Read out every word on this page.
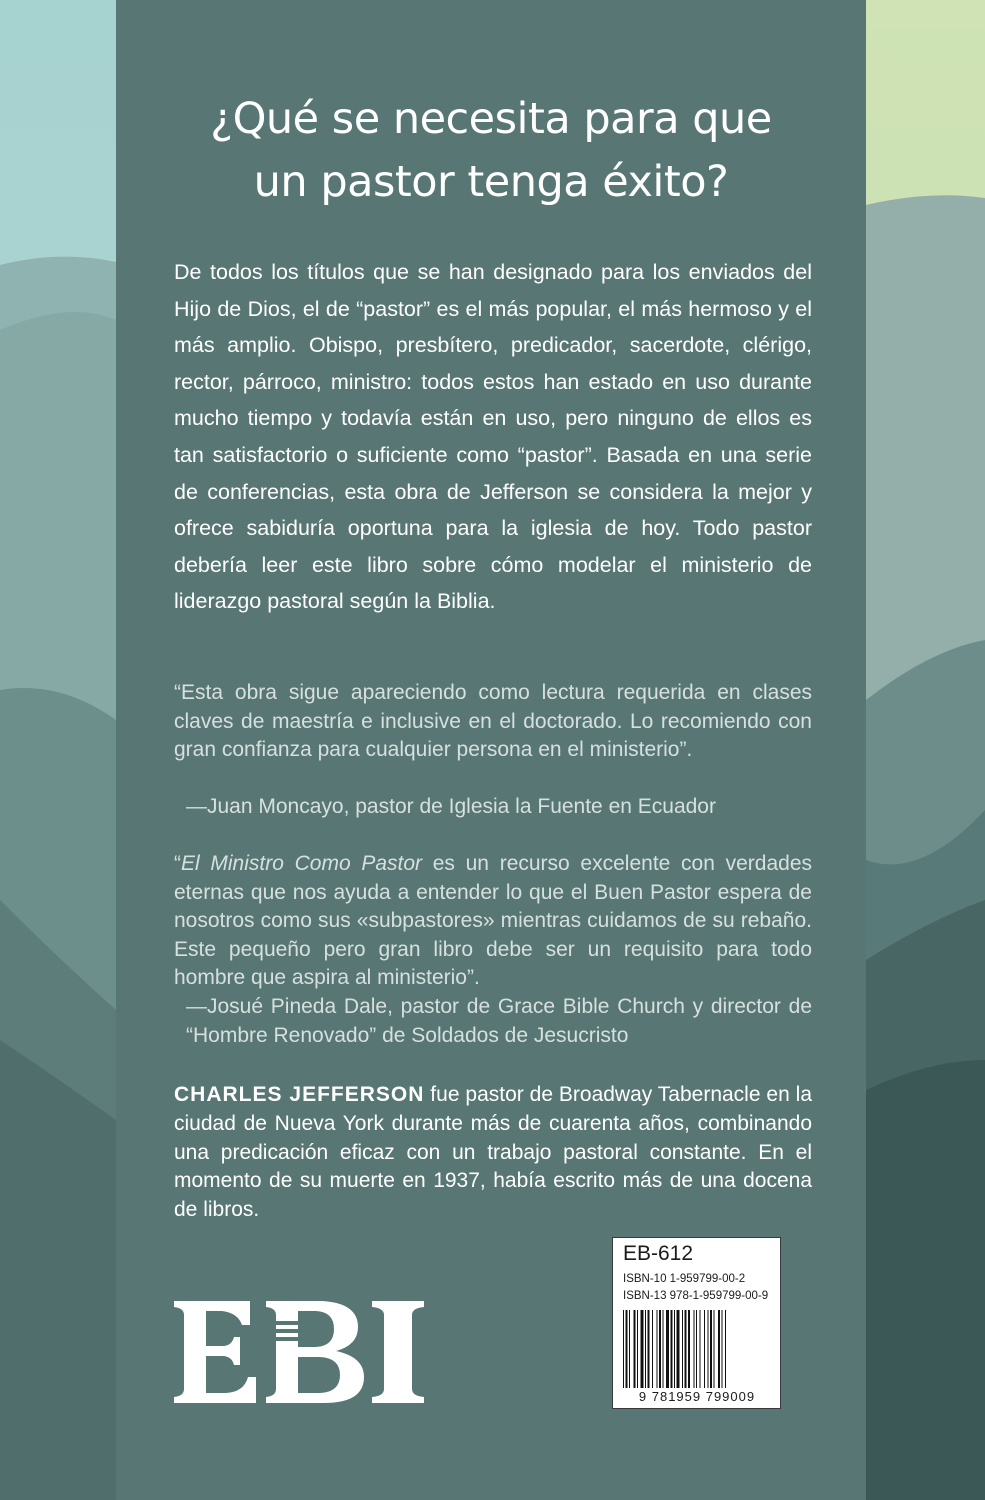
¿Qué se necesita para que
un pastor tenga éxito?

De todos los títulos que se han designado para los enviados del Hijo de Dios, el de “pastor” es el más popular, el más hermoso y el más amplio. Obispo, presbítero, predicador, sacerdote, clérigo, rector, párroco, ministro: todos estos han estado en uso durante mucho tiempo y todavía están en uso, pero ninguno de ellos es tan satisfactorio o suficiente como “pastor”. Basada en una serie de conferencias, esta obra de Jefferson se considera la mejor y ofrece sabiduría oportuna para la iglesia de hoy. Todo pastor debería leer este libro sobre cómo modelar el ministerio de liderazgo pastoral según la Biblia.

“Esta obra sigue apareciendo como lectura requerida en clases claves de maestría e inclusive en el doctorado. Lo recomiendo con gran confianza para cualquier persona en el ministerio”.

—Juan Moncayo, pastor de Iglesia la Fuente en Ecuador

“El Ministro Como Pastor es un recurso excelente con verdades eternas que nos ayuda a entender lo que el Buen Pastor espera de nosotros como sus «subpastores» mientras cuidamos de su rebaño. Este pequeño pero gran libro debe ser un requisito para todo hombre que aspira al ministerio”.

—Josué Pineda Dale, pastor de Grace Bible Church y director de “Hombre Renovado” de Soldados de Jesucristo

CHARLES JEFFERSON fue pastor de Broadway Tabernacle en la ciudad de Nueva York durante más de cuarenta años, combinando una predicación eficaz con un trabajo pastoral constante. En el momento de su muerte en 1937, había escrito más de una docena de libros.

EB-612
ISBN-10 1-959799-00-2
ISBN-13 978-1-959799-00-9
9 781959 799009
